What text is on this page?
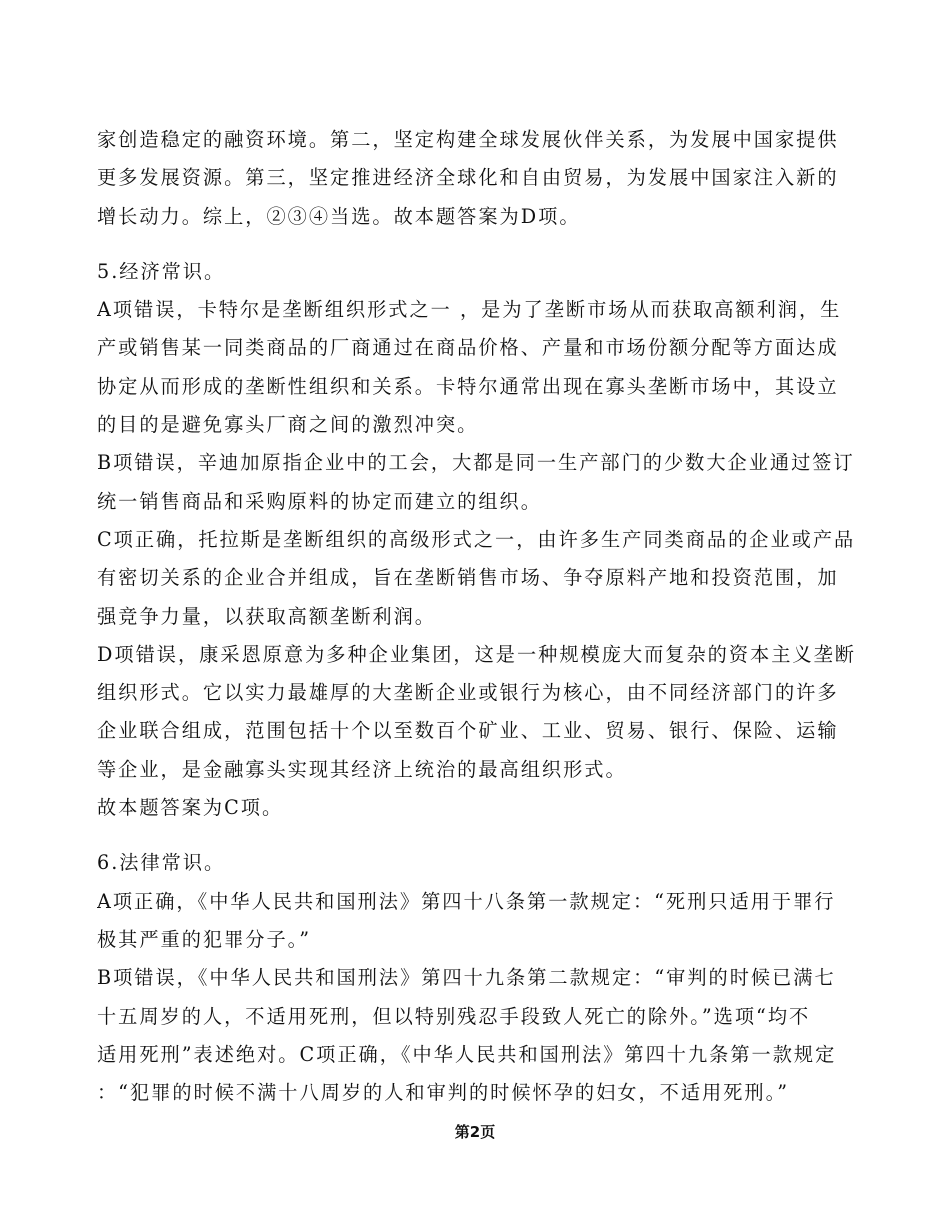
家创造稳定的融资环境。第二，坚定构建全球发展伙伴关系，为发展中国家提供
更多发展资源。第三，坚定推进经济全球化和自由贸易，为发展中国家注入新的
增长动力。综上，②③④当选。故本题答案为D项。
5.经济常识。
A项错误，卡特尔是垄断组织形式之一 ，是为了垄断市场从而获取高额利润，生
产或销售某一同类商品的厂商通过在商品价格、产量和市场份额分配等方面达成
协定从而形成的垄断性组织和关系。卡特尔通常出现在寡头垄断市场中，其设立
的目的是避免寡头厂商之间的激烈冲突。
B项错误，辛迪加原指企业中的工会，大都是同一生产部门的少数大企业通过签订
统一销售商品和采购原料的协定而建立的组织。
C项正确，托拉斯是垄断组织的高级形式之一，由许多生产同类商品的企业或产品
有密切关系的企业合并组成，旨在垄断销售市场、争夺原料产地和投资范围，加
强竞争力量，以获取高额垄断利润。
D项错误，康采恩原意为多种企业集团，这是一种规模庞大而复杂的资本主义垄断
组织形式。它以实力最雄厚的大垄断企业或银行为核心，由不同经济部门的许多
企业联合组成，范围包括十个以至数百个矿业、工业、贸易、银行、保险、运输
等企业，是金融寡头实现其经济上统治的最高组织形式。
故本题答案为C项。
6.法律常识。
A项正确，《中华人民共和国刑法》第四十八条第一款规定：“死刑只适用于罪行
极其严重的犯罪分子。”
B项错误，《中华人民共和国刑法》第四十九条第二款规定：“审判的时候已满七
十五周岁的人，不适用死刑，但以特别残忍手段致人死亡的除外。”选项“均不
适用死刑”表述绝对。C项正确，《中华人民共和国刑法》第四十九条第一款规定
：“犯罪的时候不满十八周岁的人和审判的时候怀孕的妇女，不适用死刑。”
第2页
